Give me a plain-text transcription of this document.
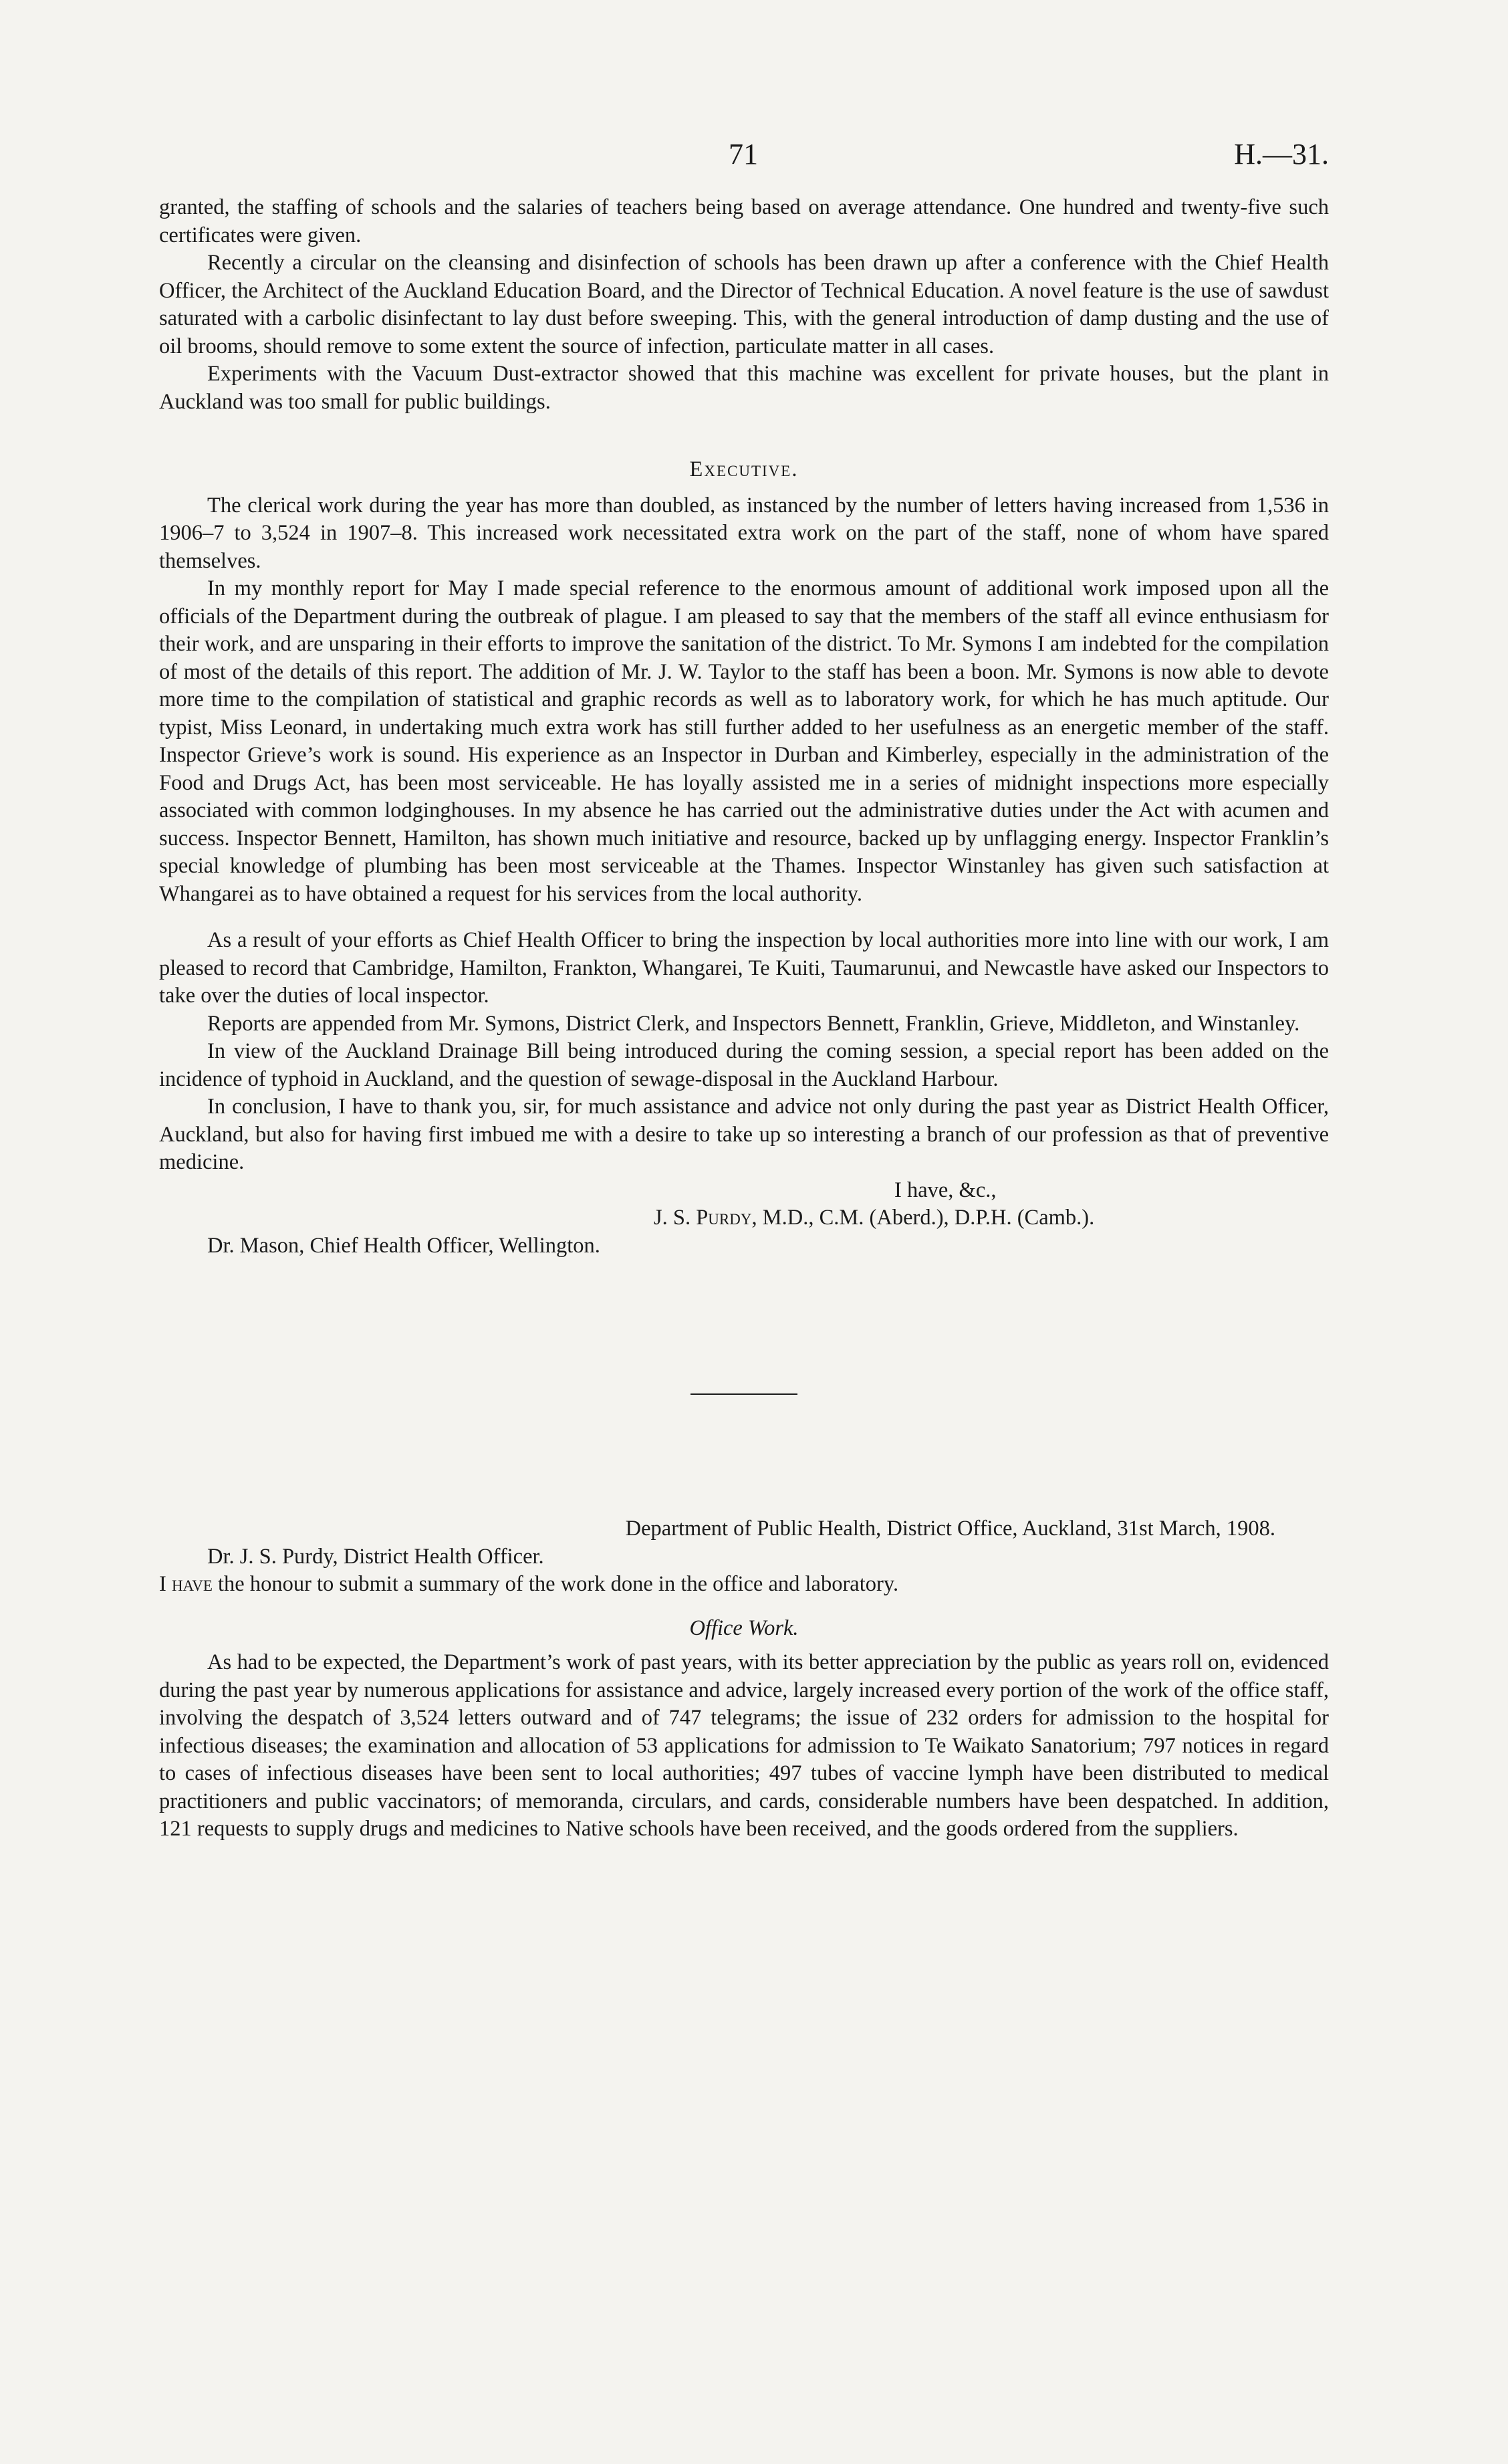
71	H.—31.

granted, the staffing of schools and the salaries of teachers being based on average attendance. One hundred and twenty-five such certificates were given.

Recently a circular on the cleansing and disinfection of schools has been drawn up after a conference with the Chief Health Officer, the Architect of the Auckland Education Board, and the Director of Technical Education. A novel feature is the use of sawdust saturated with a carbolic disinfectant to lay dust before sweeping. This, with the general introduction of damp dusting and the use of oil brooms, should remove to some extent the source of infection, particulate matter in all cases.

Experiments with the Vacuum Dust-extractor showed that this machine was excellent for private houses, but the plant in Auckland was too small for public buildings.

Executive.

The clerical work during the year has more than doubled, as instanced by the number of letters having increased from 1,536 in 1906–7 to 3,524 in 1907–8. This increased work necessitated extra work on the part of the staff, none of whom have spared themselves.

In my monthly report for May I made special reference to the enormous amount of additional work imposed upon all the officials of the Department during the outbreak of plague. I am pleased to say that the members of the staff all evince enthusiasm for their work, and are unsparing in their efforts to improve the sanitation of the district. To Mr. Symons I am indebted for the compilation of most of the details of this report. The addition of Mr. J. W. Taylor to the staff has been a boon. Mr. Symons is now able to devote more time to the compilation of statistical and graphic records as well as to laboratory work, for which he has much aptitude. Our typist, Miss Leonard, in undertaking much extra work has still further added to her usefulness as an energetic member of the staff. Inspector Grieve’s work is sound. His experience as an Inspector in Durban and Kimberley, especially in the administration of the Food and Drugs Act, has been most serviceable. He has loyally assisted me in a series of midnight inspections more especially associated with common lodginghouses. In my absence he has carried out the administrative duties under the Act with acumen and success. Inspector Bennett, Hamilton, has shown much initiative and resource, backed up by unflagging energy. Inspector Franklin’s special knowledge of plumbing has been most serviceable at the Thames. Inspector Winstanley has given such satisfaction at Whangarei as to have obtained a request for his services from the local authority.

As a result of your efforts as Chief Health Officer to bring the inspection by local authorities more into line with our work, I am pleased to record that Cambridge, Hamilton, Frankton, Whangarei, Te Kuiti, Taumarunui, and Newcastle have asked our Inspectors to take over the duties of local inspector.

Reports are appended from Mr. Symons, District Clerk, and Inspectors Bennett, Franklin, Grieve, Middleton, and Winstanley.

In view of the Auckland Drainage Bill being introduced during the coming session, a special report has been added on the incidence of typhoid in Auckland, and the question of sewage-disposal in the Auckland Harbour.

In conclusion, I have to thank you, sir, for much assistance and advice not only during the past year as District Health Officer, Auckland, but also for having first imbued me with a desire to take up so interesting a branch of our profession as that of preventive medicine.

I have, &c.,
J. S. Purdy, M.D., C.M. (Aberd.), D.P.H. (Camb.).
Dr. Mason, Chief Health Officer, Wellington.
Department of Public Health, District Office, Auckland, 31st March, 1908.
Dr. J. S. Purdy, District Health Officer.

I have the honour to submit a summary of the work done in the office and laboratory.

Office Work.

As had to be expected, the Department’s work of past years, with its better appreciation by the public as years roll on, evidenced during the past year by numerous applications for assistance and advice, largely increased every portion of the work of the office staff, involving the despatch of 3,524 letters outward and of 747 telegrams; the issue of 232 orders for admission to the hospital for infectious diseases; the examination and allocation of 53 applications for admission to Te Waikato Sanatorium; 797 notices in regard to cases of infectious diseases have been sent to local authorities; 497 tubes of vaccine lymph have been distributed to medical practitioners and public vaccinators; of memoranda, circulars, and cards, considerable numbers have been despatched. In addition, 121 requests to supply drugs and medicines to Native schools have been received, and the goods ordered from the suppliers.
